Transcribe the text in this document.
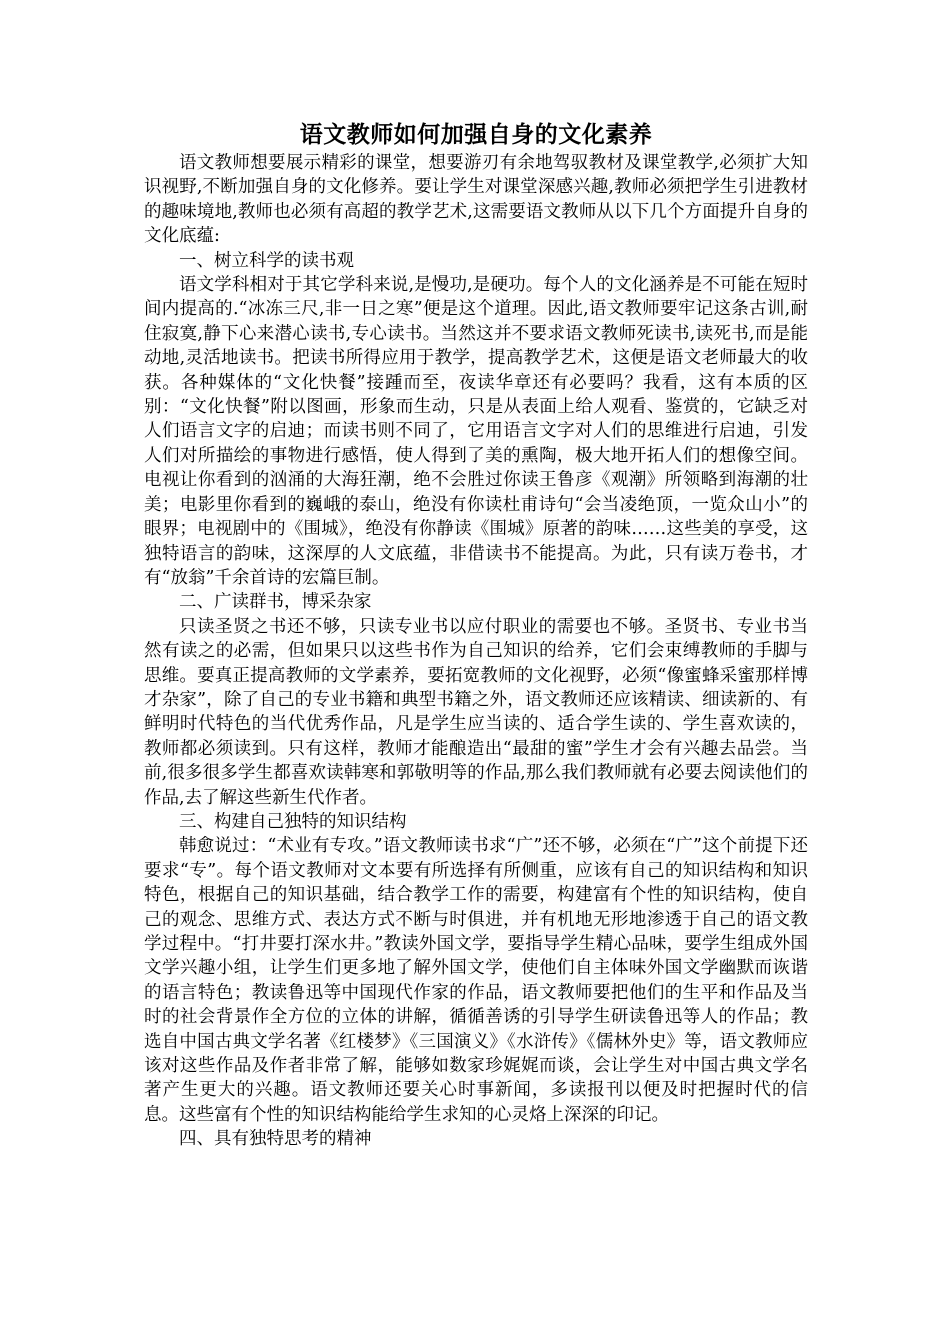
语文教师如何加强自身的文化素养

语文教师想要展示精彩的课堂，想要游刃有余地驾驭教材及课堂教学,必须扩大知识视野,不断加强自身的文化修养。要让学生对课堂深感兴趣,教师必须把学生引进教材的趣味境地,教师也必须有高超的教学艺术,这需要语文教师从以下几个方面提升自身的文化底蕴:

一、树立科学的读书观

语文学科相对于其它学科来说,是慢功,是硬功。每个人的文化涵养是不可能在短时间内提高的.“冰冻三尺,非一日之寒”便是这个道理。因此,语文教师要牢记这条古训,耐住寂寞,静下心来潜心读书,专心读书。当然这并不要求语文教师死读书,读死书,而是能动地,灵活地读书。把读书所得应用于教学，提高教学艺术，这便是语文老师最大的收获。各种媒体的“文化快餐”接踵而至，夜读华章还有必要吗？我看，这有本质的区别：“文化快餐”附以图画，形象而生动，只是从表面上给人观看、鉴赏的，它缺乏对人们语言文字的启迪；而读书则不同了，它用语言文字对人们的思维进行启迪，引发人们对所描绘的事物进行感悟，使人得到了美的熏陶，极大地开拓人们的想像空间。电视让你看到的汹涌的大海狂潮，绝不会胜过你读王鲁彦《观潮》所领略到海潮的壮美；电影里你看到的巍峨的泰山，绝没有你读杜甫诗句“会当凌绝顶，一览众山小”的眼界；电视剧中的《围城》，绝没有你静读《围城》原著的韵味……这些美的享受，这独特语言的韵味，这深厚的人文底蕴，非借读书不能提高。为此，只有读万卷书，才有“放翁”千余首诗的宏篇巨制。

二、广读群书，博采杂家

只读圣贤之书还不够，只读专业书以应付职业的需要也不够。圣贤书、专业书当然有读之的必需，但如果只以这些书作为自己知识的给养，它们会束缚教师的手脚与思维。要真正提高教师的文学素养，要拓宽教师的文化视野，必须“像蜜蜂采蜜那样博才杂家”，除了自己的专业书籍和典型书籍之外，语文教师还应该精读、细读新的、有鲜明时代特色的当代优秀作品，凡是学生应当读的、适合学生读的、学生喜欢读的，教师都必须读到。只有这样，教师才能酿造出“最甜的蜜”学生才会有兴趣去品尝。当前,很多很多学生都喜欢读韩寒和郭敬明等的作品,那么我们教师就有必要去阅读他们的作品,去了解这些新生代作者。

三、构建自己独特的知识结构

韩愈说过：“术业有专攻。”语文教师读书求“广”还不够，必须在“广”这个前提下还要求“专”。每个语文教师对文本要有所选择有所侧重，应该有自己的知识结构和知识特色，根据自己的知识基础，结合教学工作的需要，构建富有个性的知识结构，使自己的观念、思维方式、表达方式不断与时俱进，并有机地无形地渗透于自己的语文教学过程中。“打井要打深水井。”教读外国文学，要指导学生精心品味，要学生组成外国文学兴趣小组，让学生们更多地了解外国文学，使他们自主体味外国文学幽默而诙谐的语言特色；教读鲁迅等中国现代作家的作品，语文教师要把他们的生平和作品及当时的社会背景作全方位的立体的讲解，循循善诱的引导学生研读鲁迅等人的作品；教选自中国古典文学名著《红楼梦》《三国演义》《水浒传》《儒林外史》等，语文教师应该对这些作品及作者非常了解，能够如数家珍娓娓而谈，会让学生对中国古典文学名著产生更大的兴趣。语文教师还要关心时事新闻，多读报刊以便及时把握时代的信息。这些富有个性的知识结构能给学生求知的心灵烙上深深的印记。

四、具有独特思考的精神
